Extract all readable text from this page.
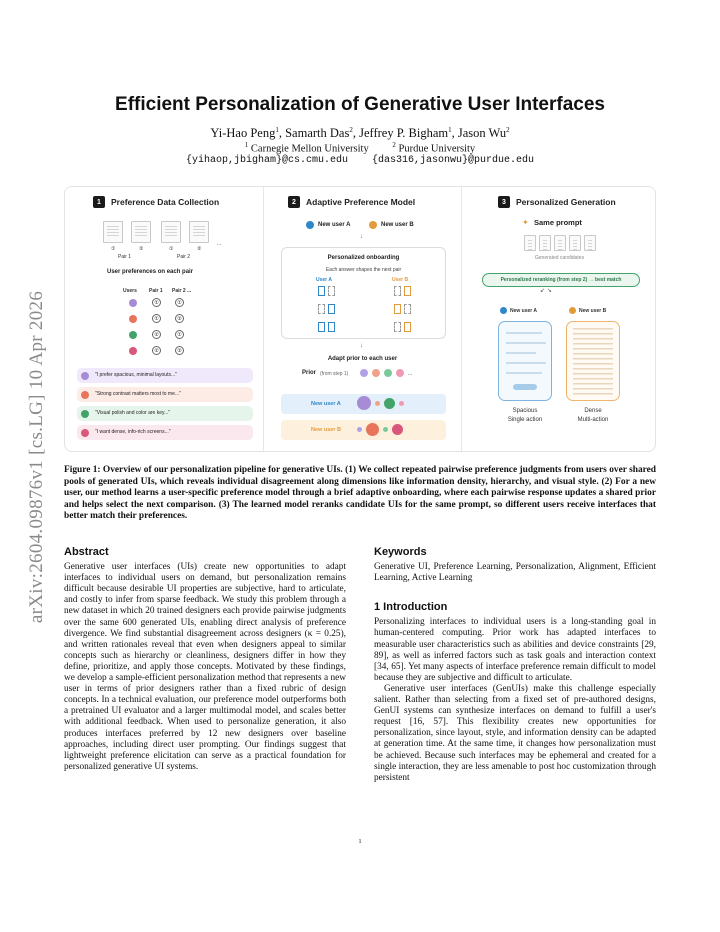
arXiv:2604.09876v1 [cs.LG] 10 Apr 2026
Efficient Personalization of Generative User Interfaces
Yi-Hao Peng$^1$, Samarth Das$^2$, Jeffrey P. Bigham$^1$, Jason Wu$^2$
$^1$ Carnegie Mellon University	$^2$ Purdue University
{yihaop,jbigham}@cs.cmu.edu {das316,jasonwu}@purdue.edu
1	Preference Data Collection
...
①	②	①	②
Pair 1	Pair 2
User preferences on each pair
Users Pair 1 Pair 2 ...
①	①
①	②
②	①
②	②
"I prefer spacious, minimal layouts..."
"Strong contrast matters most to me..."
"Visual polish and color are key..."
"I want dense, info-rich screens..."
2	Adaptive Preference Model
New user A	New user B
↓
Personalized onboarding
Each answer shapes the next pair
User A	User B
↓
Adapt prior to each user
Prior (from step 1)	...
New user A
New user B
3	Personalized Generation
✦ Same prompt
Generated candidates
Personalized reranking (from step 2) → best match
↙ ↘
New user A	New user B
Spacious
Single action
Dense
Multi-action
Figure 1: Overview of our personalization pipeline for generative UIs. (1) We collect repeated pairwise preference judgments from users over shared pools of generated UIs, which reveals individual disagreement along dimensions like information density, hierarchy, and visual style. (2) For a new user, our method learns a user-specific preference model through a brief adaptive onboarding, where each pairwise response updates a shared prior and helps select the next comparison. (3) The learned model reranks candidate UIs for the same prompt, so different users receive interfaces that better match their preferences.
Abstract
Generative user interfaces (UIs) create new opportunities to adapt interfaces to individual users on demand, but personalization remains difficult because desirable UI properties are subjective, hard to articulate, and costly to infer from sparse feedback. We study this problem through a new dataset in which 20 trained designers each provide pairwise judgments over the same 600 generated UIs, enabling direct analysis of preference divergence. We find substantial disagreement across designers (κ = 0.25), and written rationales reveal that even when designers appeal to similar concepts such as hierarchy or cleanliness, designers differ in how they define, prioritize, and apply those concepts. Motivated by these findings, we develop a sample-efficient personalization method that represents a new user in terms of prior designers rather than a fixed rubric of design concepts. In a technical evaluation, our preference model outperforms both a pretrained UI evaluator and a larger multimodal model, and scales better with additional feedback. When used to personalize generation, it also produces interfaces preferred by 12 new designers over baseline approaches, including direct user prompting. Our findings suggest that lightweight preference elicitation can serve as a practical foundation for personalized generative UI systems.
Keywords
Generative UI, Preference Learning, Personalization, Alignment, Efficient Learning, Active Learning
1 Introduction
Personalizing interfaces to individual users is a long-standing goal in human-centered computing. Prior work has adapted interfaces to measurable user characteristics such as abilities and device constraints [29, 89], as well as inferred factors such as task goals and interaction context [34, 65]. Yet many aspects of interface preference remain difficult to model because they are subjective and difficult to articulate.
Generative user interfaces (GenUIs) make this challenge especially salient. Rather than selecting from a fixed set of pre-authored designs, GenUI systems can synthesize interfaces on demand to fulfill a user's request [16, 57]. This flexibility creates new opportunities for personalization, since layout, style, and information density can be adapted at generation time. At the same time, it changes how personalization must be achieved. Because such interfaces may be ephemeral and created for a single interaction, they are less amenable to post hoc customization through persistent
1
